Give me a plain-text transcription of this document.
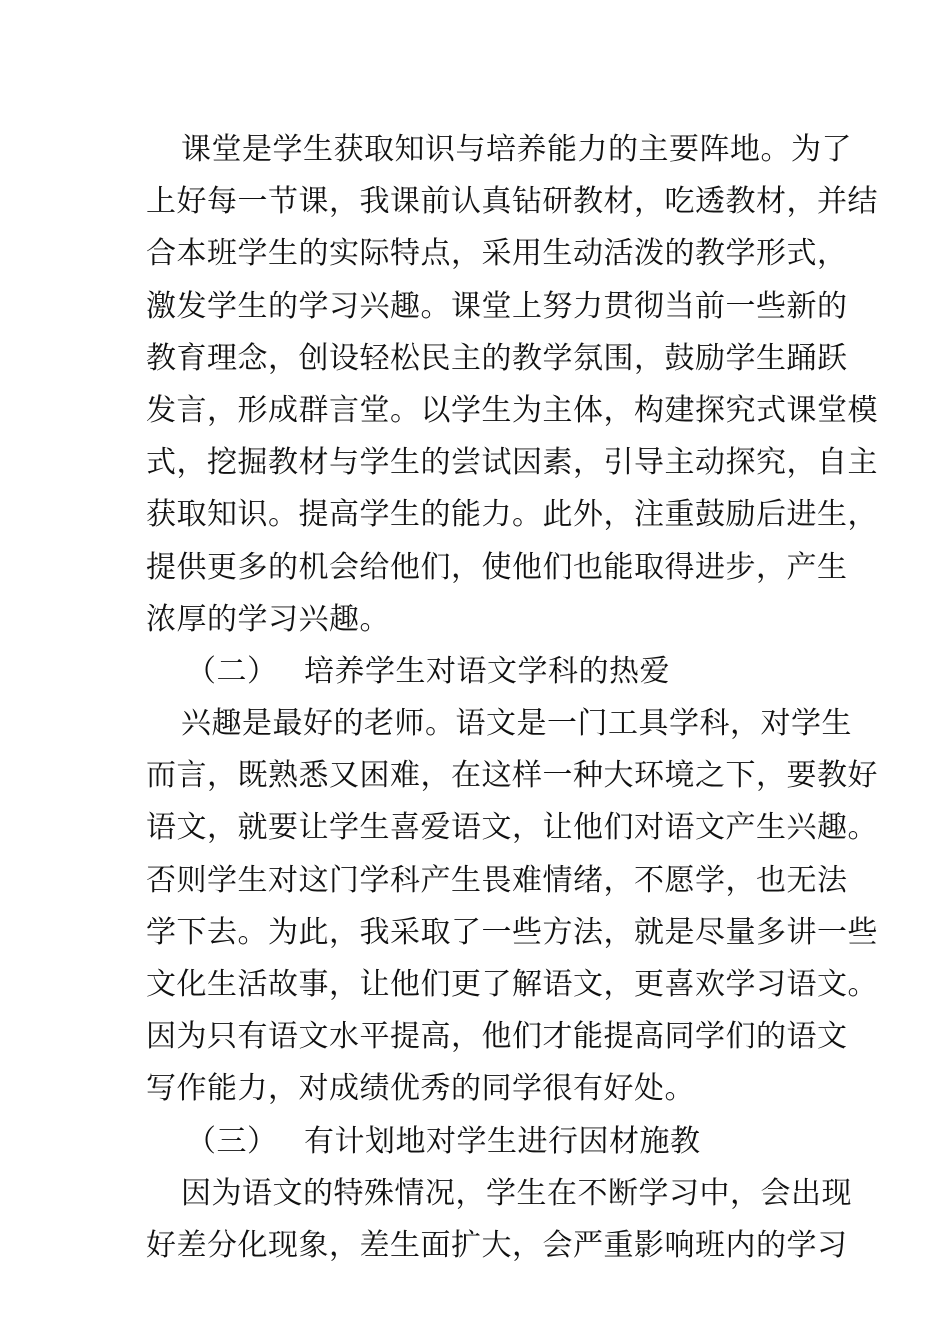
课堂是学生获取知识与培养能力的主要阵地。为了
上好每一节课，我课前认真钻研教材，吃透教材，并结
合本班学生的实际特点，采用生动活泼的教学形式，
激发学生的学习兴趣。课堂上努力贯彻当前一些新的
教育理念，创设轻松民主的教学氛围，鼓励学生踊跃
发言，形成群言堂。以学生为主体，构建探究式课堂模
式，挖掘教材与学生的尝试因素，引导主动探究，自主
获取知识。提高学生的能力。此外，注重鼓励后进生，
提供更多的机会给他们，使他们也能取得进步，产生
浓厚的学习兴趣。
（二） 培养学生对语文学科的热爱
兴趣是最好的老师。语文是一门工具学科，对学生
而言，既熟悉又困难，在这样一种大环境之下，要教好
语文，就要让学生喜爱语文，让他们对语文产生兴趣。
否则学生对这门学科产生畏难情绪，不愿学，也无法
学下去。为此，我采取了一些方法，就是尽量多讲一些
文化生活故事，让他们更了解语文，更喜欢学习语文。
因为只有语文水平提高，他们才能提高同学们的语文
写作能力，对成绩优秀的同学很有好处。
（三） 有计划地对学生进行因材施教
因为语文的特殊情况，学生在不断学习中，会出现
好差分化现象，差生面扩大，会严重影响班内的学习
